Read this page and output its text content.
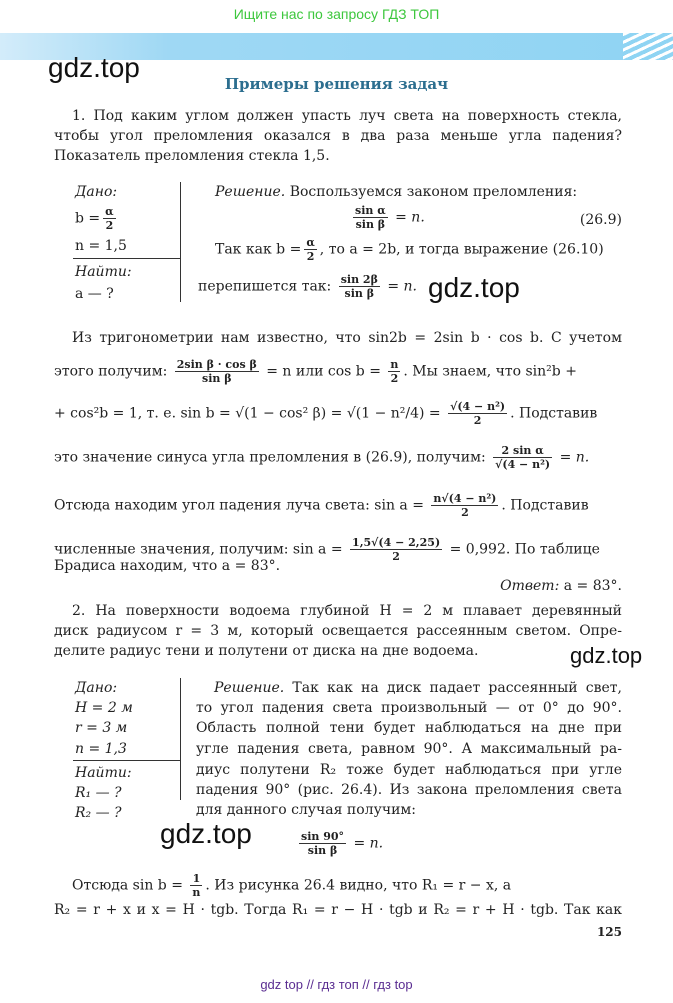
Ищите нас по запросу ГДЗ ТОП
gdz.top
Примеры решения задач
1. Под каким углом должен упасть луч света на поверхность стекла,
чтобы угол преломления оказался в два раза меньше угла падения?
Показатель преломления стекла 1,5.
Дано:
$b = \frac{\alpha}{2}$
n = 1,5
Найти:
a — ?
Решение. Воспользуемся законом преломления:
$\frac{\text{sin α}}{\text{sin β}} = n$.	(26.9)
Так как $b = \frac{\alpha}{2}$ , то a = 2b, и тогда выражение (26.10)
перепишется так: $\frac{\sin 2\beta}{\text{sin β}} = n$. gdz.top
Из тригонометрии нам известно, что sin2b = 2sin b · cos b. С учетом
этого получим: $\frac{\text{2sin β · cos β}}{\text{sin β}} = n$ или $\cos b = \frac{n}{2}$ . Мы знаем, что sin²b +
+ cos²b = 1, т. е. sin b = √(1 − cos² $\beta) = √(1 - n^2/4) = \frac{\text{√(4 − n²)}}{2}$ . Подставив
это значение синуса угла преломления в (26.9), получим: $\frac{\text{2 sin α}}{\text{√(4 − n²)}} = n$.
Отсюда находим угол падения луча света: $\sin a = \frac{\text{n√(4 − n²)}}{2}$ . Подставив
численные значения, получим: $\sin a = \frac{1,5√(4 - 2,25)}{2} = 0,992$. По таблице
Брадиса находим, что a = 83°.
Ответ: a = 83°.
2. На поверхности водоема глубиной H = 2 м плавает деревянный
диск радиусом r = 3 м, который освещается рассеянным светом. Опре-
делите радиус тени и полутени от диска на дне водоема.	gdz.top
Дано:
H = 2 м
r = 3 м
n = 1,3
Найти:
R₁ — ?
R₂ — ?
Решение. Так как на диск падает рассеянный свет,
то угол падения света произвольный — от 0° до 90°.
Область полной тени будет наблюдаться на дне при
угле падения света, равном 90°. А максимальный ра-
диус полутени R₂ тоже будет наблюдаться при угле
падения 90° (рис. 26.4). Из закона преломления света
для данного случая получим:
gdz.top	$\frac{\sin 90^\circ}{\text{sin β}} = n$.
Отсюда $\sin b = \frac{1}{n}$ . Из рисунка 26.4 видно, что R₁ = r − x, а
R₂ = r + x и x = H · tgb. Тогда R₁ = r − H · tgb и R₂ = r + H · tgb. Так как
125
gdz top // гдз топ // гдз top
